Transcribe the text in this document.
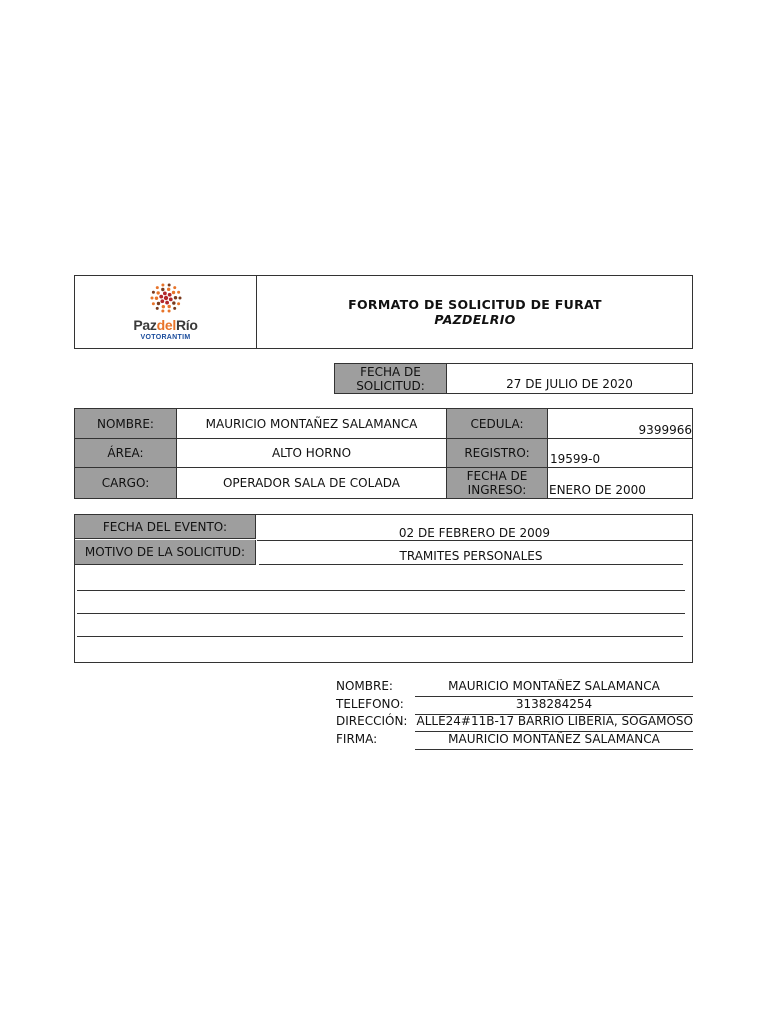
PazdelRío
VOTORANTIM
FORMATO DE SOLICITUD DE FURAT
PAZDELRIO
FECHA DE
SOLICITUD:	27 DE JULIO DE 2020
NOMBRE:	MAURICIO MONTAÑEZ SALAMANCA	CEDULA:	9399966
ÁREA:	ALTO HORNO	REGISTRO:	19599-0
CARGO:	OPERADOR SALA DE COLADA	FECHA DE
INGRESO: ENERO DE 2000
FECHA DEL EVENTO:	02 DE FEBRERO DE 2009
MOTIVO DE LA SOLICITUD:	TRAMITES PERSONALES
NOMBRE:	MAURICIO MONTAÑEZ SALAMANCA
TELEFONO:	3138284254
DIRECCIÓN: ALLE24#11B-17 BARRIO LIBERIA, SOGAMOSO
FIRMA:	MAURICIO MONTAÑEZ SALAMANCA
